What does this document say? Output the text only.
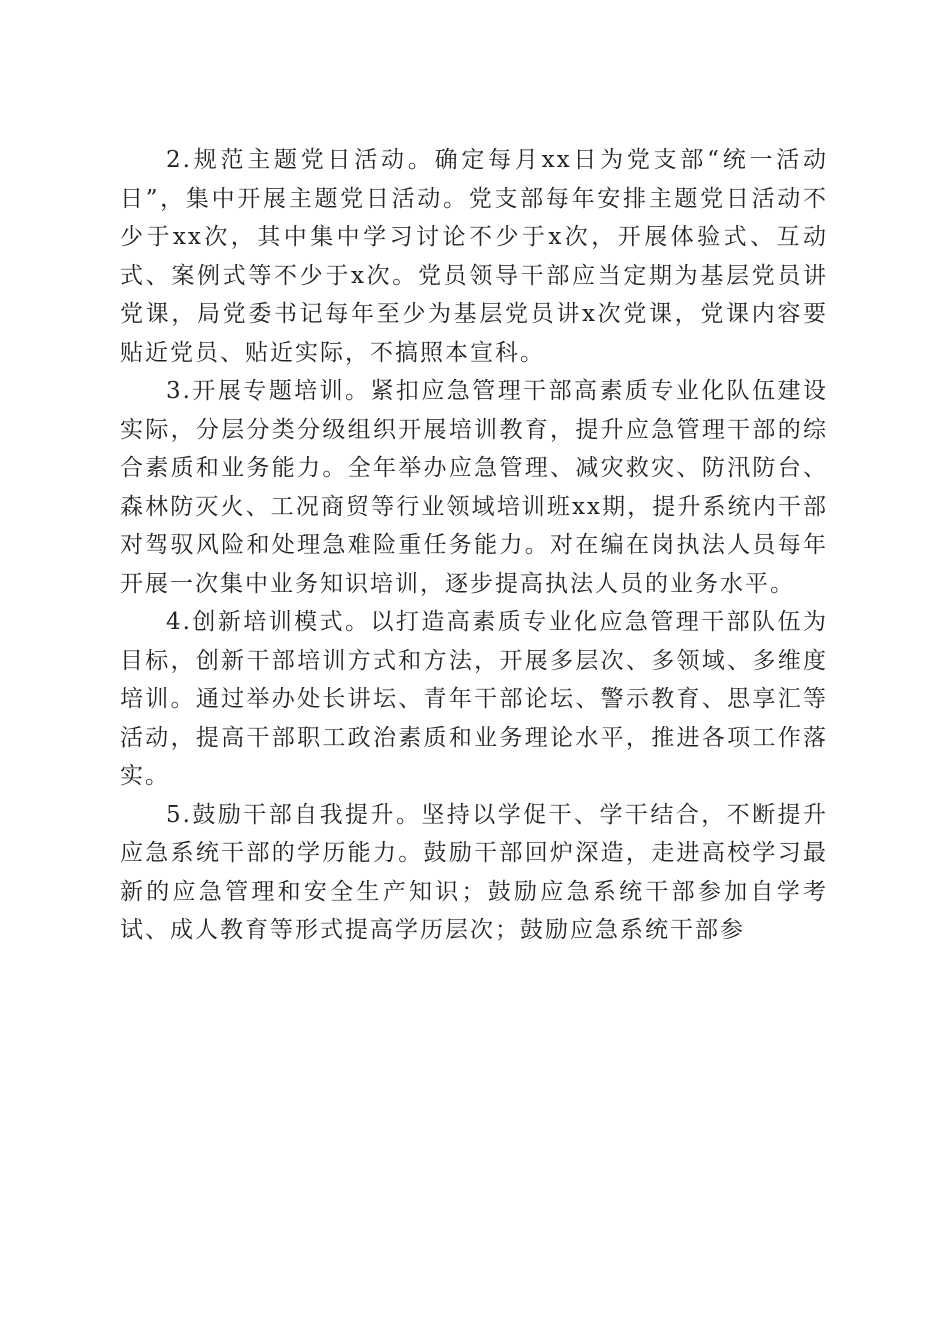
2.规范主题党日活动。确定每月xx日为党支部“统一活动日”，集中开展主题党日活动。党支部每年安排主题党日活动不少于xx次，其中集中学习讨论不少于x次，开展体验式、互动式、案例式等不少于x次。党员领导干部应当定期为基层党员讲党课，局党委书记每年至少为基层党员讲x次党课，党课内容要贴近党员、贴近实际，不搞照本宣科。

3.开展专题培训。紧扣应急管理干部高素质专业化队伍建设实际，分层分类分级组织开展培训教育，提升应急管理干部的综合素质和业务能力。全年举办应急管理、减灾救灾、防汛防台、森林防灭火、工况商贸等行业领域培训班xx期，提升系统内干部对驾驭风险和处理急难险重任务能力。对在编在岗执法人员每年开展一次集中业务知识培训，逐步提高执法人员的业务水平。

4.创新培训模式。以打造高素质专业化应急管理干部队伍为目标，创新干部培训方式和方法，开展多层次、多领域、多维度培训。通过举办处长讲坛、青年干部论坛、警示教育、思享汇等活动，提高干部职工政治素质和业务理论水平，推进各项工作落实。

5.鼓励干部自我提升。坚持以学促干、学干结合，不断提升应急系统干部的学历能力。鼓励干部回炉深造，走进高校学习最新的应急管理和安全生产知识；鼓励应急系统干部参加自学考试、成人教育等形式提高学历层次；鼓励应急系统干部参
